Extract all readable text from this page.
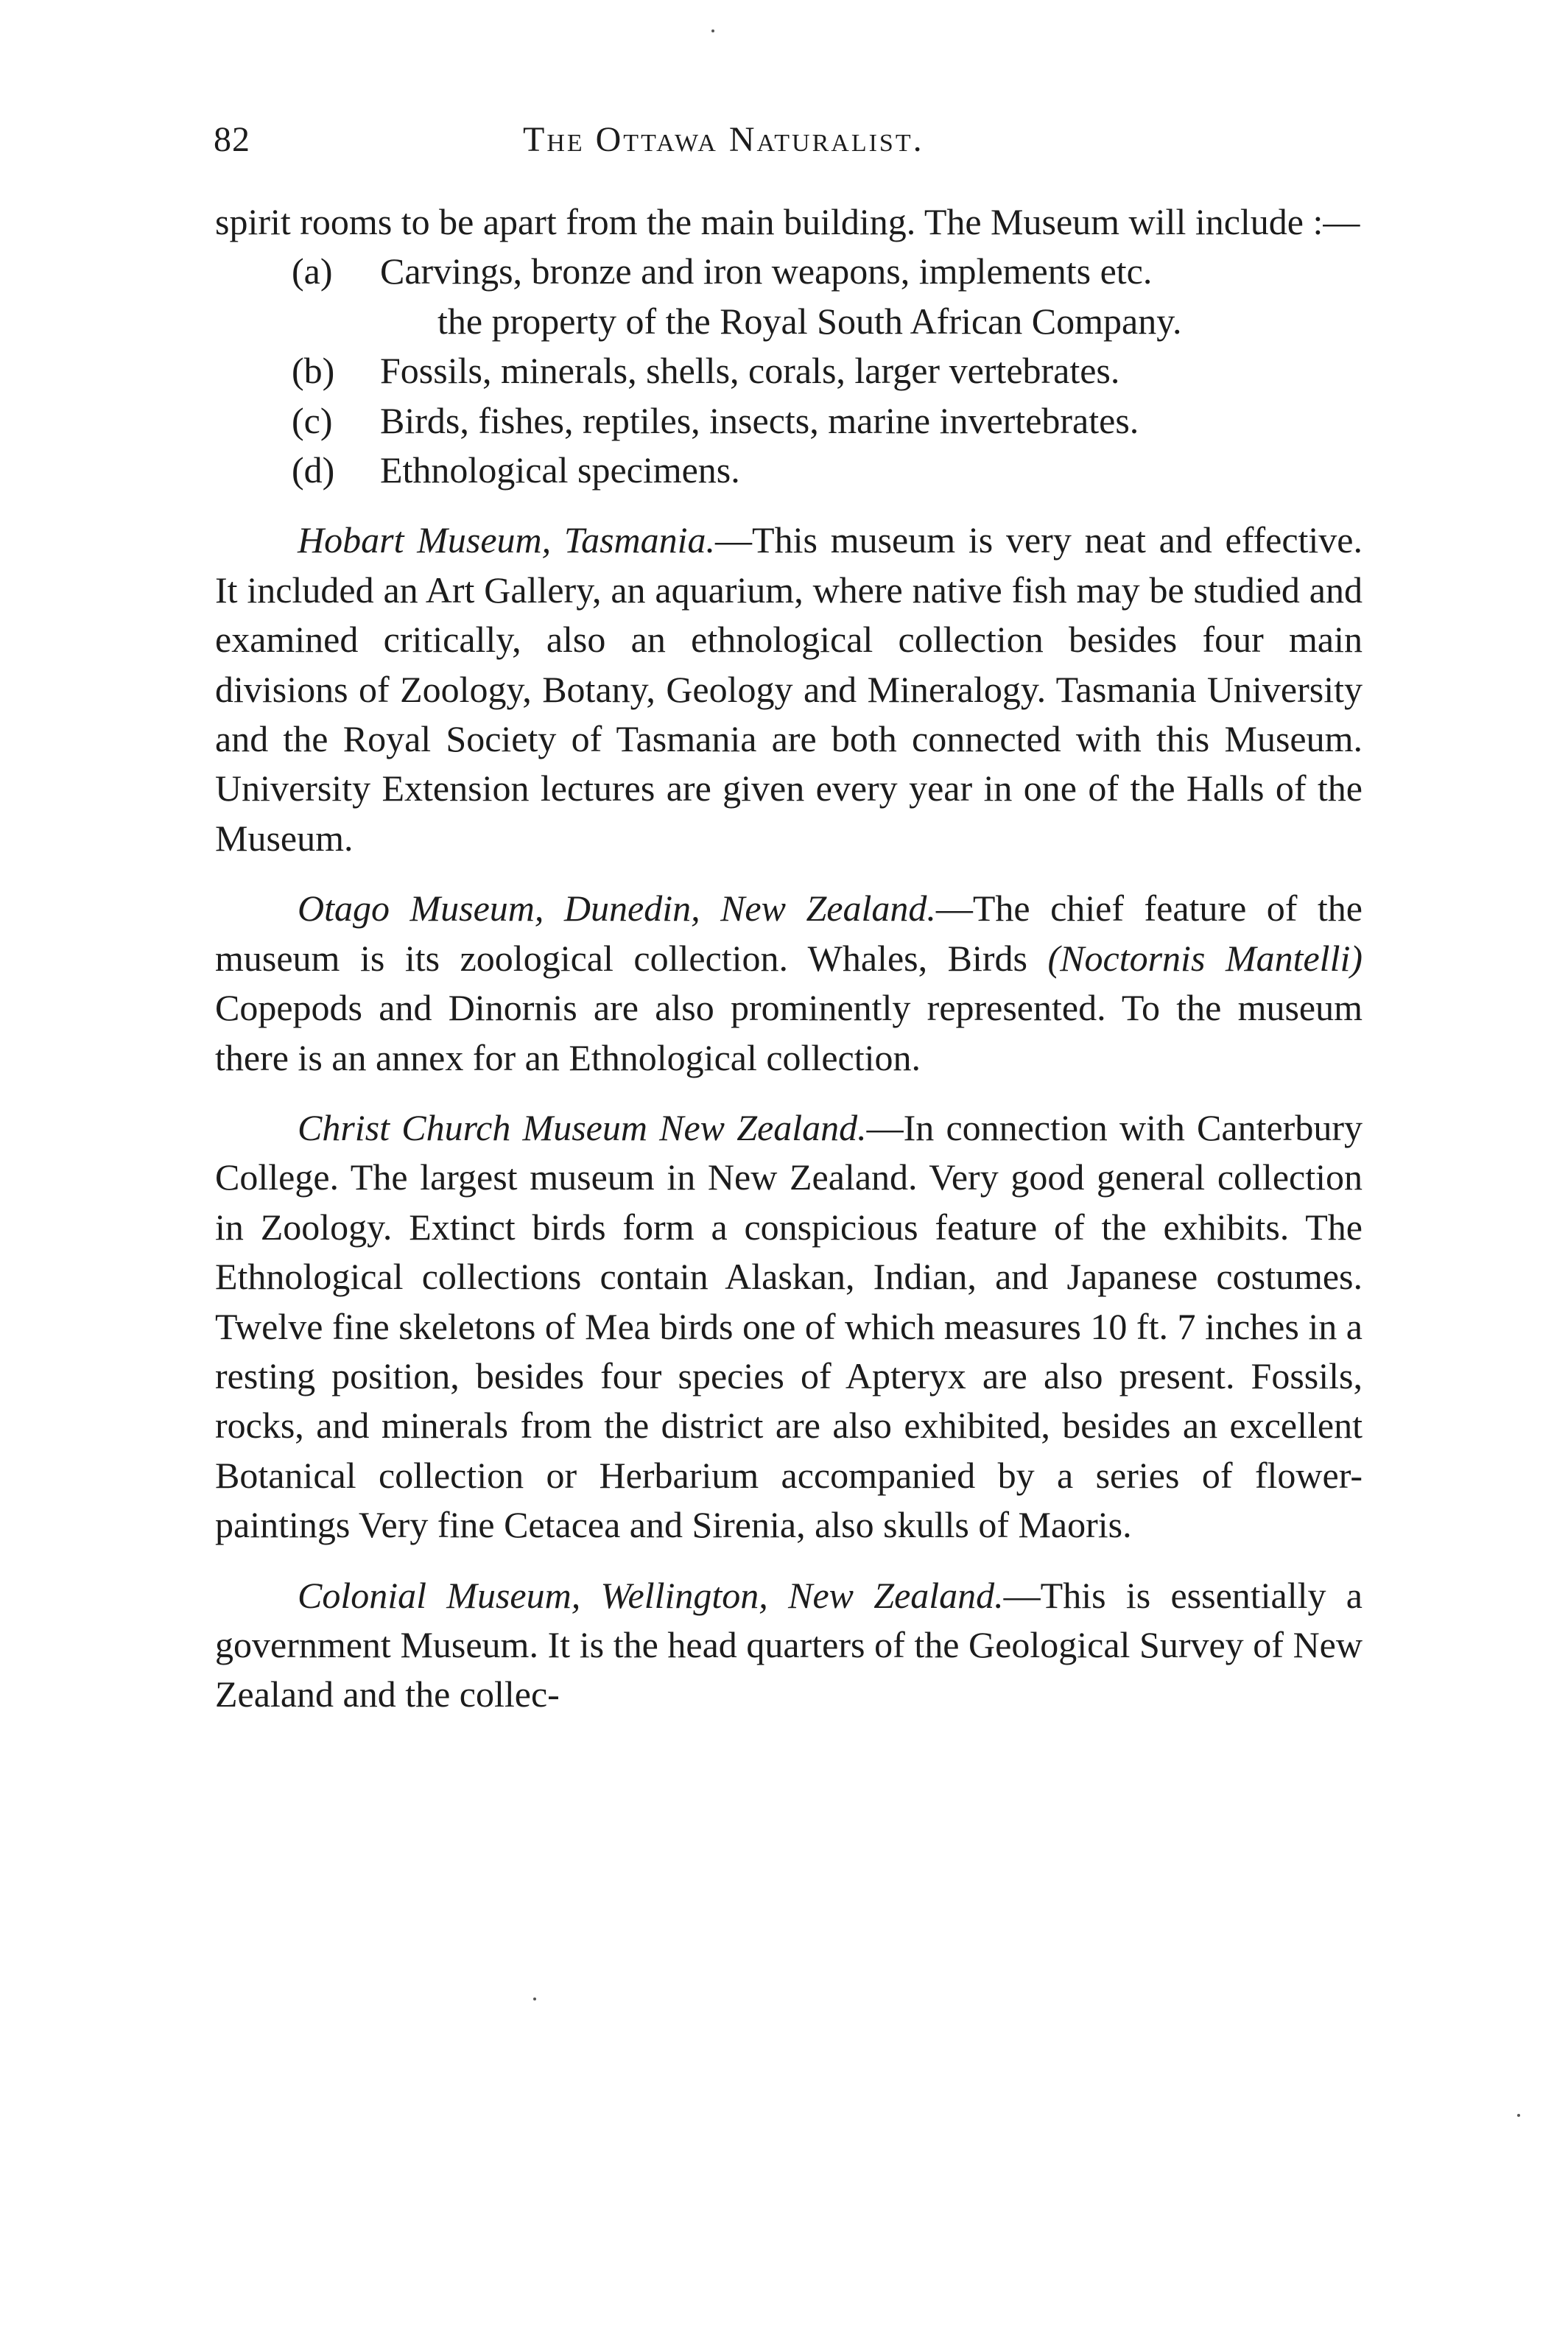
82	The Ottawa Naturalist.

spirit rooms to be apart from the main building. The Museum will include :—

(a)	Carvings, bronze and iron weapons, implements etc.
the property of the Royal South African Company.
(b)	Fossils, minerals, shells, corals, larger vertebrates.
(c)	Birds, fishes, reptiles, insects, marine invertebrates.
(d)	Ethnological specimens.

Hobart Museum, Tasmania.—This museum is very neat and effective. It included an Art Gallery, an aquarium, where native fish may be studied and examined critically, also an ethnological collection besides four main divisions of Zoology, Botany, Geology and Mineralogy. Tasmania University and the Royal Society of Tasmania are both connected with this Museum. University Extension lectures are given every year in one of the Halls of the Museum.

Otago Museum, Dunedin, New Zealand.—The chief feature of the museum is its zoological collection. Whales, Birds (Noctornis Mantelli) Copepods and Dinornis are also prominently represented. To the museum there is an annex for an Ethnological collection.

Christ Church Museum New Zealand.—In connection with Canterbury College. The largest museum in New Zealand. Very good general collection in Zoology. Extinct birds form a conspicious feature of the exhibits. The Ethnological collections contain Alaskan, Indian, and Japanese costumes. Twelve fine skeletons of Mea birds one of which measures 10 ft. 7 inches in a resting position, besides four species of Apteryx are also present. Fossils, rocks, and minerals from the district are also exhibited, besides an excellent Botanical collection or Herbarium accompanied by a series of flower-paintings Very fine Cetacea and Sirenia, also skulls of Maoris.

Colonial Museum, Wellington, New Zealand.—This is essentially a government Museum. It is the head quarters of the Geological Survey of New Zealand and the collec-
